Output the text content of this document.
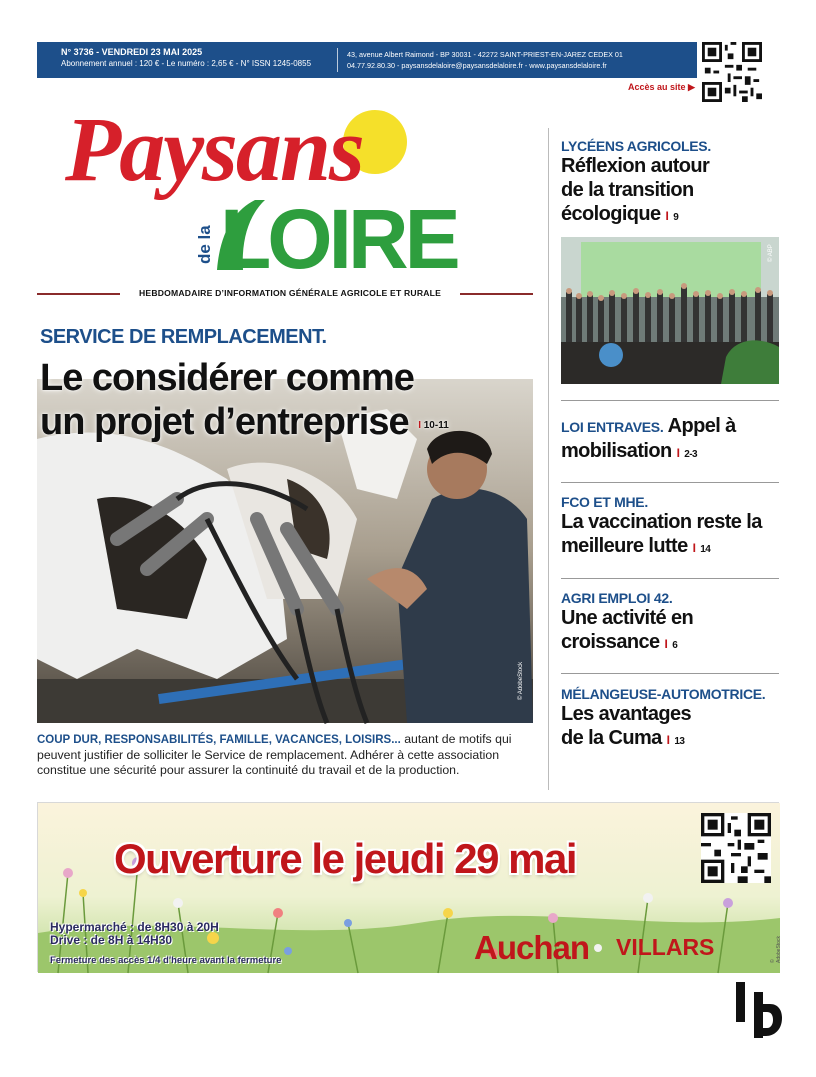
N° 3736 - VENDREDI 23 MAI 2025
Abonnement annuel : 120 € - Le numéro : 2,65 € - N° ISSN 1245-0855
43, avenue Albert Raimond - BP 30031 - 42272 SAINT-PRIEST-EN-JAREZ CEDEX 01
04.77.92.80.30 - paysansdelaloire@paysansdelaloire.fr - www.paysansdelaloire.fr
Accès au site ▶
Paysans
de la LOIRE
HEBDOMADAIRE D’INFORMATION GÉNÉRALE AGRICOLE ET RURALE
SERVICE DE REMPLACEMENT.
Le considérer comme
un projet d’entreprise I 10-11
© AdobeStock
COUP DUR, RESPONSABILITÉS, FAMILLE, VACANCES, LOISIRS... autant de motifs qui peuvent justifier de solliciter le Service de remplacement. Adhérer à cette association constitue une sécurité pour assurer la continuité du travail et de la production.
LYCÉENS AGRICOLES.
Réflexion autour de la transition écologique I 9
© ABP
LOI ENTRAVES. Appel à mobilisation I 2-3
FCO ET MHE.
La vaccination reste la meilleure lutte I 14
AGRI EMPLOI 42.
Une activité en croissance I 6
MÉLANGEUSE-AUTOMOTRICE.
Les avantages de la Cuma I 13
Ouverture le jeudi 29 mai
Hypermarché : de 8H30 à 20H
Drive : de 8H à 14H30
Fermeture des accès 1/4 d'heure avant la fermeture	Auchan VILLARS
© AdobeStock
